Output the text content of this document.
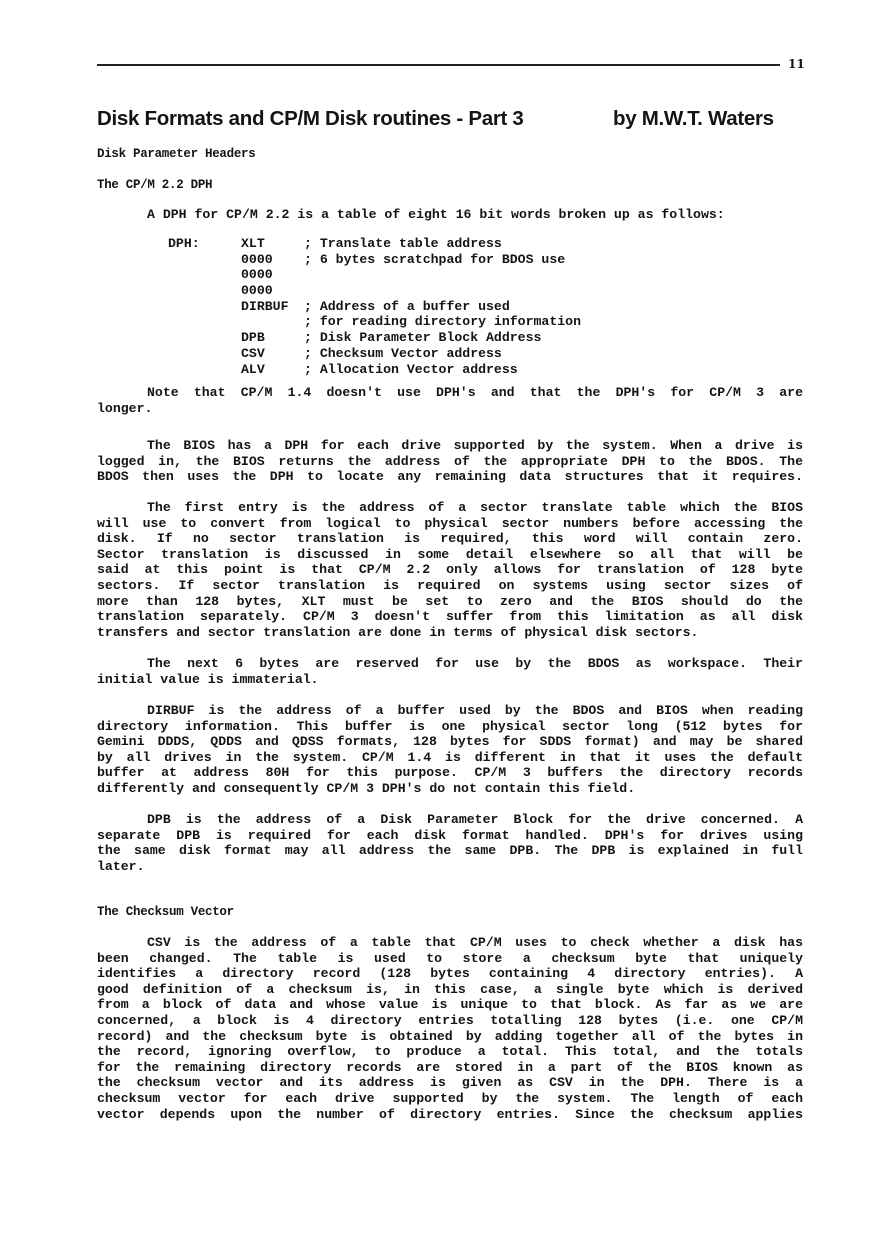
11
Disk Formats and CP/M Disk routines - Part 3	by M.W.T. Waters
Disk Parameter Headers
The CP/M 2.2 DPH
A DPH for CP/M 2.2 is a table of eight 16 bit words broken up as follows:
DPH:	XLT	; Translate table address
0000	; 6 bytes scratchpad for BDOS use
0000
0000
DIRBUF	; Address of a buffer used
; for reading directory information
DPB	; Disk Parameter Block Address
CSV	; Checksum Vector address
ALV	; Allocation Vector address
Note that CP/M 1.4 doesn't use DPH's and that the DPH's for CP/M 3 are
longer.
The BIOS has a DPH for each drive supported by the system. When a drive is
logged in, the BIOS returns the address of the appropriate DPH to the BDOS. The
BDOS then uses the DPH to locate any remaining data structures that it requires.
The first entry is the address of a sector translate table which the BIOS
will use to convert from logical to physical sector numbers before accessing the
disk. If no sector translation is required, this word will contain zero.
Sector translation is discussed in some detail elsewhere so all that will be
said at this point is that CP/M 2.2 only allows for translation of 128 byte
sectors. If sector translation is required on systems using sector sizes of
more than 128 bytes, XLT must be set to zero and the BIOS should do the
translation separately. CP/M 3 doesn't suffer from this limitation as all disk
transfers and sector translation are done in terms of physical disk sectors.
The next 6 bytes are reserved for use by the BDOS as workspace. Their
initial value is immaterial.
DIRBUF is the address of a buffer used by the BDOS and BIOS when reading
directory information. This buffer is one physical sector long (512 bytes for
Gemini DDDS, QDDS and QDSS formats, 128 bytes for SDDS format) and may be shared
by all drives in the system. CP/M 1.4 is different in that it uses the default
buffer at address 80H for this purpose. CP/M 3 buffers the directory records
differently and consequently CP/M 3 DPH's do not contain this field.
DPB is the address of a Disk Parameter Block for the drive concerned. A
separate DPB is required for each disk format handled. DPH's for drives using
the same disk format may all address the same DPB. The DPB is explained in full
later.
The Checksum Vector
CSV is the address of a table that CP/M uses to check whether a disk has
been changed. The table is used to store a checksum byte that uniquely
identifies a directory record (128 bytes containing 4 directory entries). A
good definition of a checksum is, in this case, a single byte which is derived
from a block of data and whose value is unique to that block. As far as we are
concerned, a block is 4 directory entries totalling 128 bytes (i.e. one CP/M
record) and the checksum byte is obtained by adding together all of the bytes in
the record, ignoring overflow, to produce a total. This total, and the totals
for the remaining directory records are stored in a part of the BIOS known as
the checksum vector and its address is given as CSV in the DPH. There is a
checksum vector for each drive supported by the system. The length of each
vector depends upon the number of directory entries. Since the checksum applies
